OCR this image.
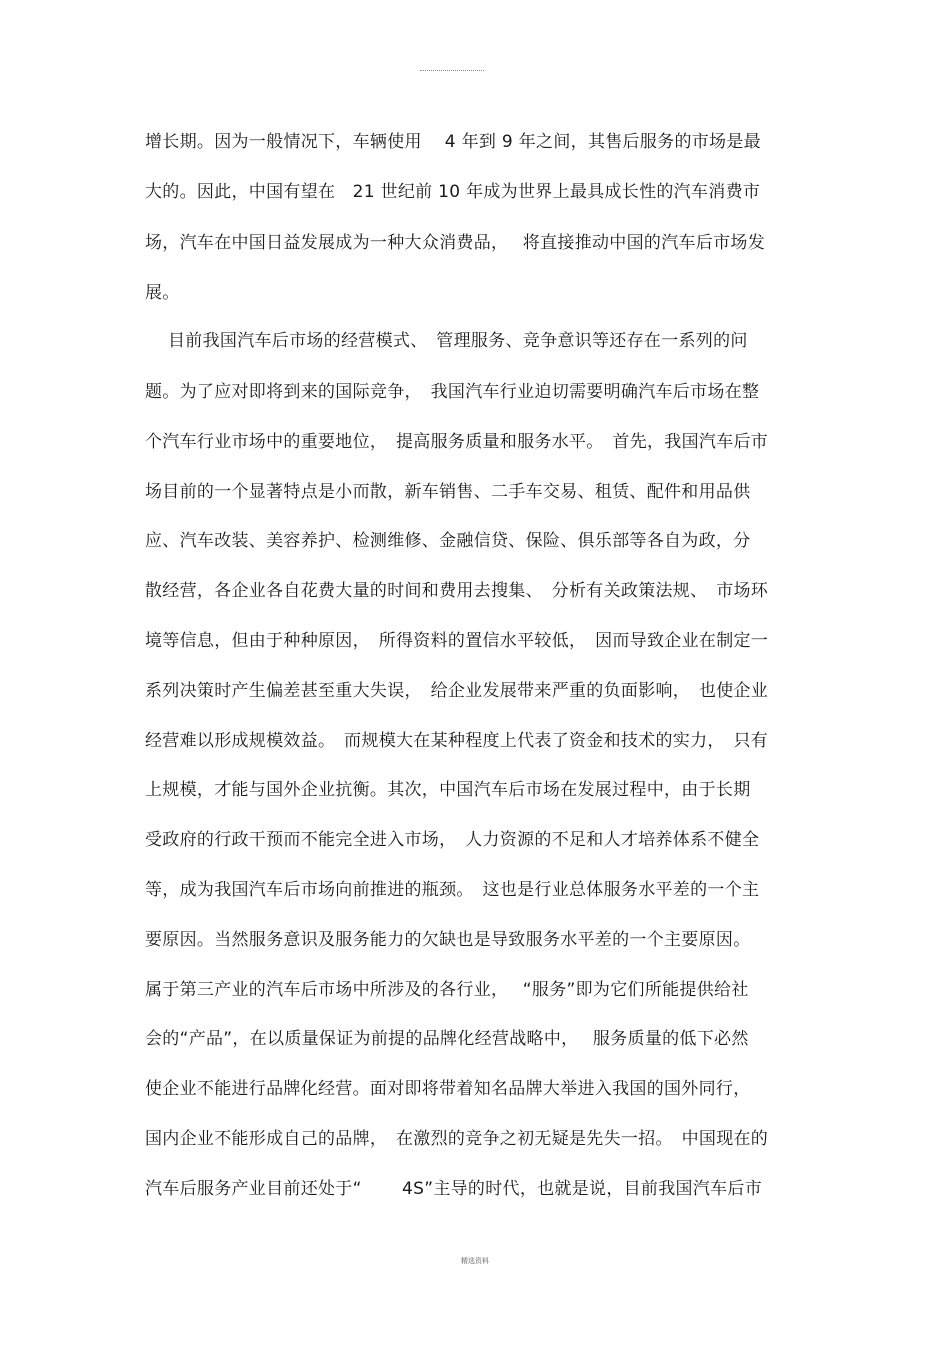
增长期。因为一般情况下，车辆使用　 4 年到 9 年之间，其售后服务的市场是最
大的。因此，中国有望在　21 世纪前 10 年成为世界上最具成长性的汽车消费市
场，汽车在中国日益发展成为一种大众消费品，　 将直接推动中国的汽车后市场发
展。
　 目前我国汽车后市场的经营模式、　管理服务、竞争意识等还存在一系列的问
题。为了应对即将到来的国际竞争，　我国汽车行业迫切需要明确汽车后市场在整
个汽车行业市场中的重要地位，　提高服务质量和服务水平。　首先，我国汽车后市
场目前的一个显著特点是小而散，新车销售、二手车交易、租赁、配件和用品供
应、汽车改装、美容养护、检测维修、金融信贷、保险、俱乐部等各自为政，分
散经营，各企业各自花费大量的时间和费用去搜集、　分析有关政策法规、　市场环
境等信息，但由于种种原因，　所得资料的置信水平较低，　因而导致企业在制定一
系列决策时产生偏差甚至重大失误，　给企业发展带来严重的负面影响，　也使企业
经营难以形成规模效益。　而规模大在某种程度上代表了资金和技术的实力，　只有
上规模，才能与国外企业抗衡。其次，中国汽车后市场在发展过程中，由于长期
受政府的行政干预而不能完全进入市场，　人力资源的不足和人才培养体系不健全
等，成为我国汽车后市场向前推进的瓶颈。　这也是行业总体服务水平差的一个主
要原因。当然服务意识及服务能力的欠缺也是导致服务水平差的一个主要原因。
属于第三产业的汽车后市场中所涉及的各行业，　 “服务”即为它们所能提供给社
会的“产品”，在以质量保证为前提的品牌化经营战略中，　 服务质量的低下必然
使企业不能进行品牌化经营。面对即将带着知名品牌大举进入我国的国外同行，
国内企业不能形成自己的品牌，　在激烈的竞争之初无疑是先失一招。　中国现在的
汽车后服务产业目前还处于“　　 4S”主导的时代，也就是说，目前我国汽车后市
精选资料
